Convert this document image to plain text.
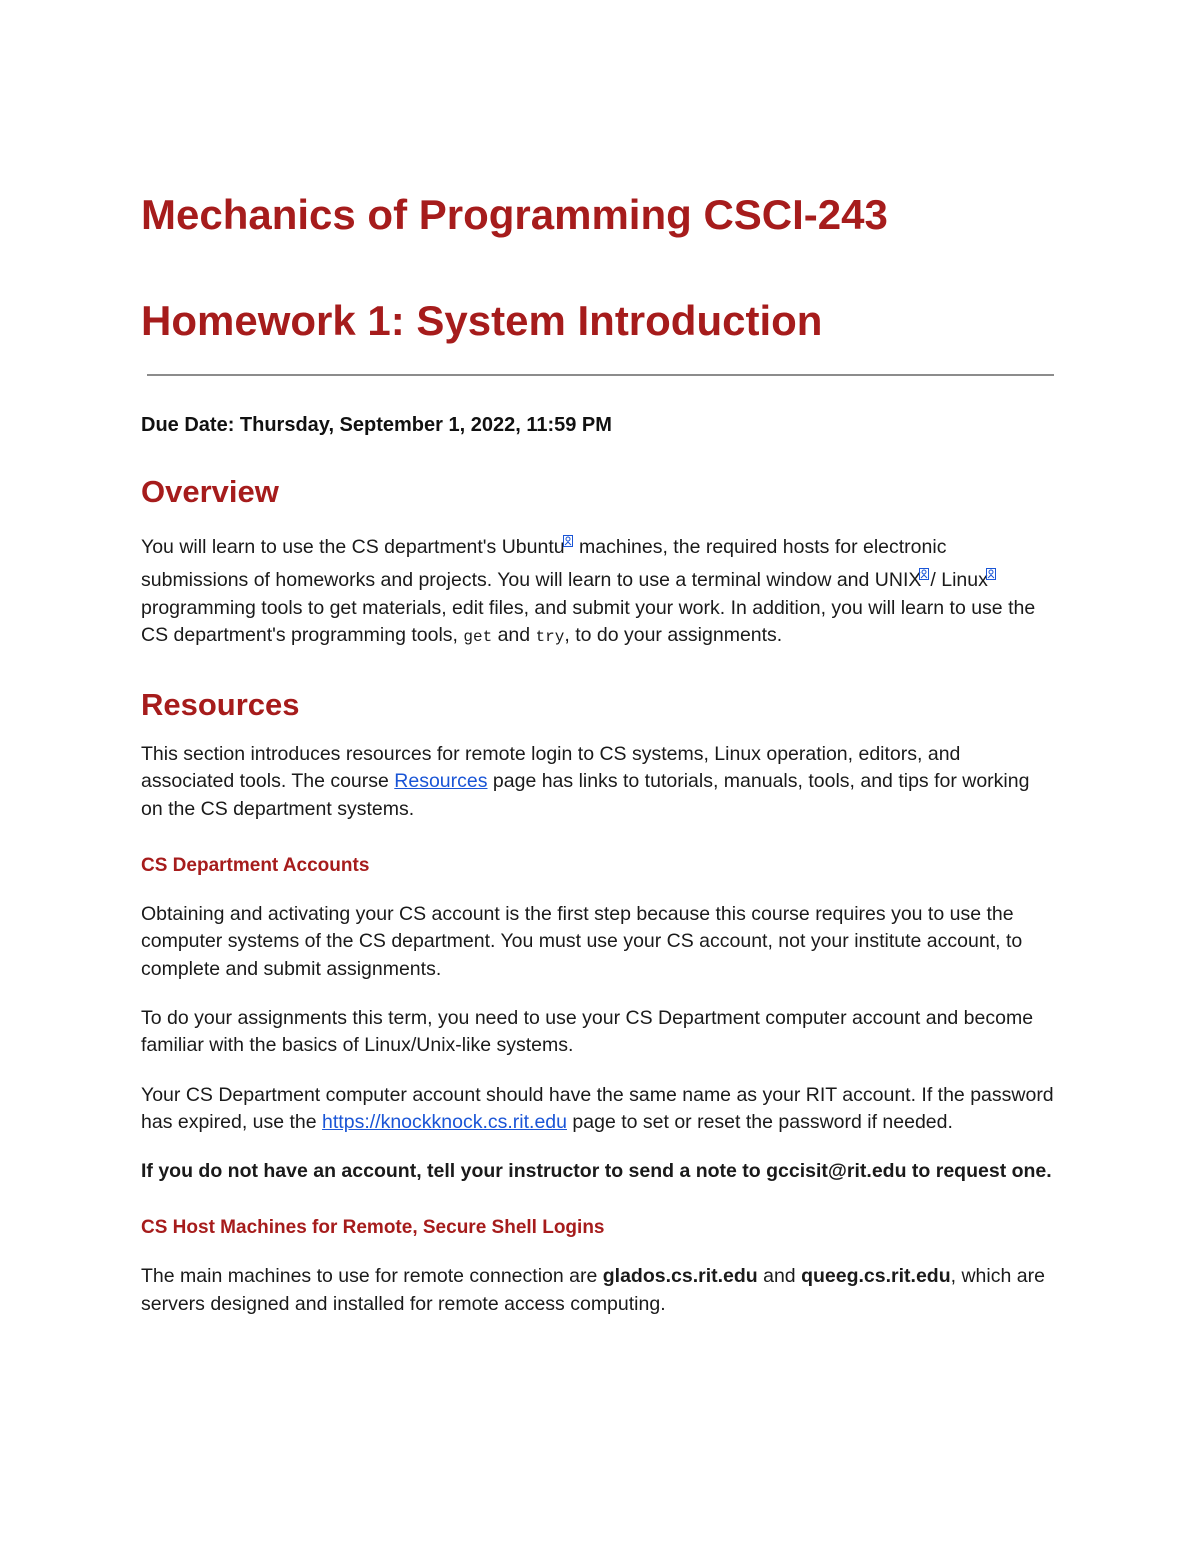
Mechanics of Programming CSCI-243
Homework 1: System Introduction
Due Date: Thursday, September 1, 2022, 11:59 PM
Overview

You will learn to use the CS department's Ubuntu machines, the required hosts for electronic submissions of homeworks and projects. You will learn to use a terminal window and UNIX / Linuxprogramming tools to get materials, edit files, and submit your work. In addition, you will learn to use the CS department's programming tools, get and try, to do your assignments.

Resources

This section introduces resources for remote login to CS systems, Linux operation, editors, and associated tools. The course Resources page has links to tutorials, manuals, tools, and tips for working on the CS department systems.

CS Department Accounts

Obtaining and activating your CS account is the first step because this course requires you to use the computer systems of the CS department. You must use your CS account, not your institute account, to complete and submit assignments.

To do your assignments this term, you need to use your CS Department computer account and become familiar with the basics of Linux/Unix-like systems.

Your CS Department computer account should have the same name as your RIT account. If the password has expired, use the https://knockknock.cs.rit.edu page to set or reset the password if needed.

If you do not have an account, tell your instructor to send a note to gccisit@rit.edu to request one.

CS Host Machines for Remote, Secure Shell Logins

The main machines to use for remote connection are glados.cs.rit.edu and queeg.cs.rit.edu, which are servers designed and installed for remote access computing.
